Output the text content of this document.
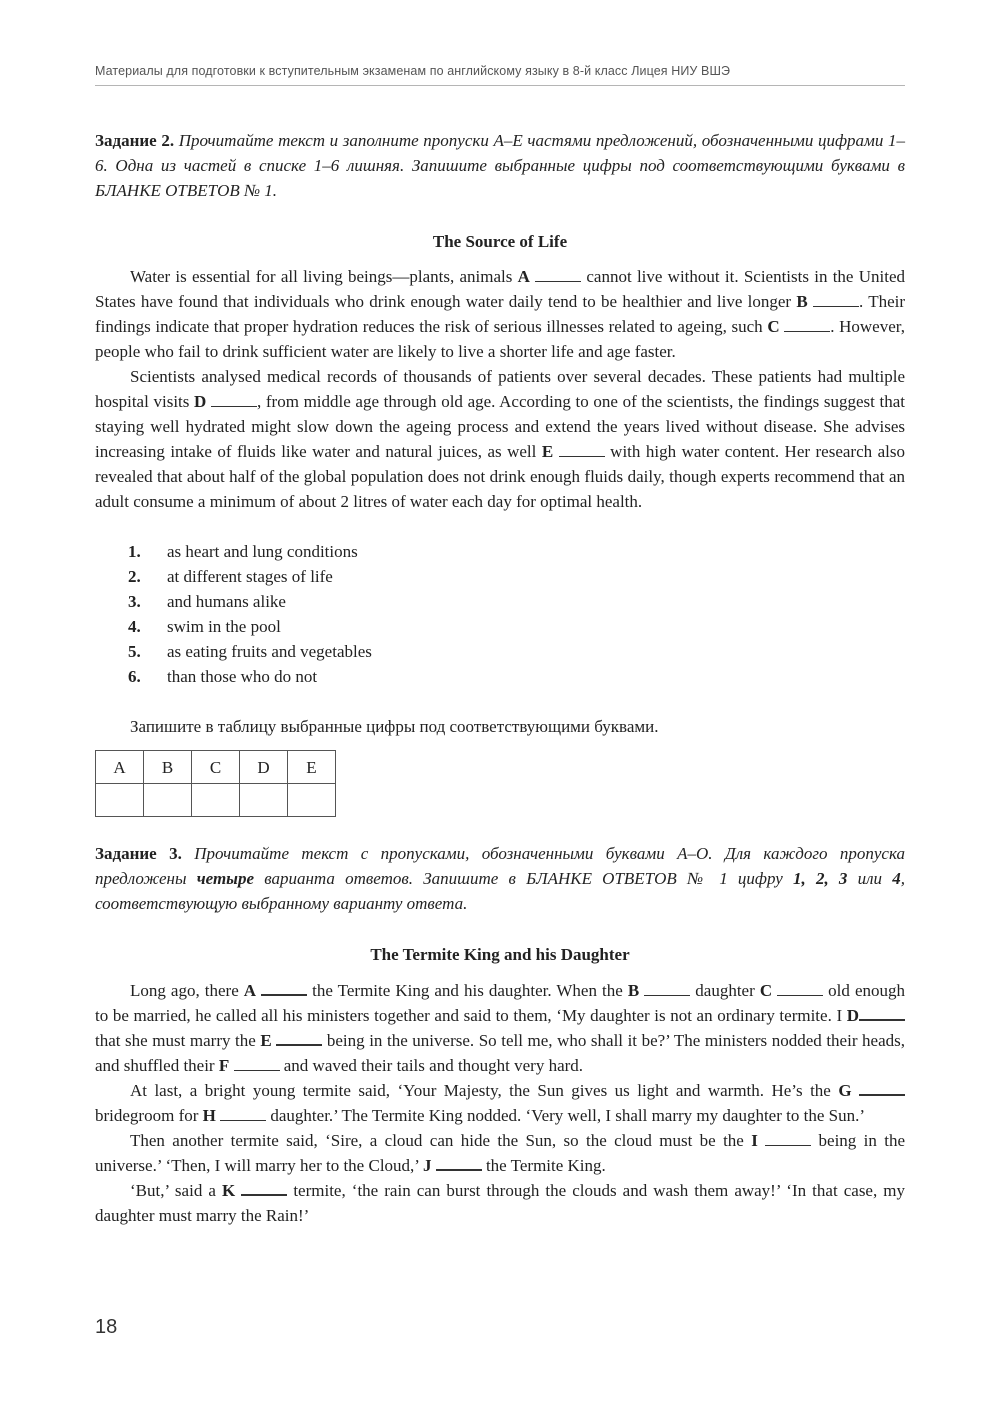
Материалы для подготовки к вступительным экзаменам по английскому языку в 8-й класс Лицея НИУ ВШЭ

Задание 2. Прочитайте текст и заполните пропуски A–E частями предложений, обозначенными цифрами 1–6. Одна из частей в списке 1–6 лишняя. Запишите выбранные цифры под соответствующими буквами в БЛАНКЕ ОТВЕТОВ № 1.

The Source of Life

Water is essential for all living beings—plants, animals A	cannot live without it. Scientists in the United States have found that individuals who drink enough water daily tend to be healthier and live longer B	. Their findings indicate that proper hydration reduces the risk of serious illnesses related to ageing, such C	. However, people who fail to drink sufficient water are likely to live a shorter life and age faster.

Scientists analysed medical records of thousands of patients over several decades. These patients had multiple hospital visits D	, from middle age through old age. According to one of the scientists, the findings suggest that staying well hydrated might slow down the ageing process and extend the years lived without disease. She advises increasing intake of fluids like water and natural juices, as well E	with high water content. Her research also revealed that about half of the global population does not drink enough fluids daily, though experts recommend that an adult consume a minimum of about 2 litres of water each day for optimal health.

1.	as heart and lung conditions
2.	at different stages of life
3.	and humans alike
4.	swim in the pool
5.	as eating fruits and vegetables
6.	than those who do not

Запишите в таблицу выбранные цифры под соответствующими буквами.

A	B	C	D	E

Задание 3. Прочитайте текст с пропусками, обозначенными буквами A–O. Для каждого пропуска предложены четыре варианта ответов. Запишите в БЛАНКЕ ОТВЕТОВ № 1 цифру 1, 2, 3 или 4, соответствующую выбранному варианту ответа.

The Termite King and his Daughter

Long ago, there A	the Termite King and his daughter. When the B	daughter C	old enough to be married, he called all his ministers together and said to them, ‘My daughter is not an ordinary termite. I D that she must marry the E	being in the universe. So tell me, who shall it be?’ The ministers nodded their heads, and shuffled their F	and waved their tails and thought very hard.

At last, a bright young termite said, ‘Your Majesty, the Sun gives us light and warmth. He’s the G  bridegroom for H	daughter.’ The Termite King nodded. ‘Very well, I shall marry my daughter to the Sun.’

Then another termite said, ‘Sire, a cloud can hide the Sun, so the cloud must be the I	being in the universe.’ ‘Then, I will marry her to the Cloud,’ J	the Termite King.

‘But,’ said a K	termite, ‘the rain can burst through the clouds and wash them away!’ ‘In that case, my daughter must marry the Rain!’

18
